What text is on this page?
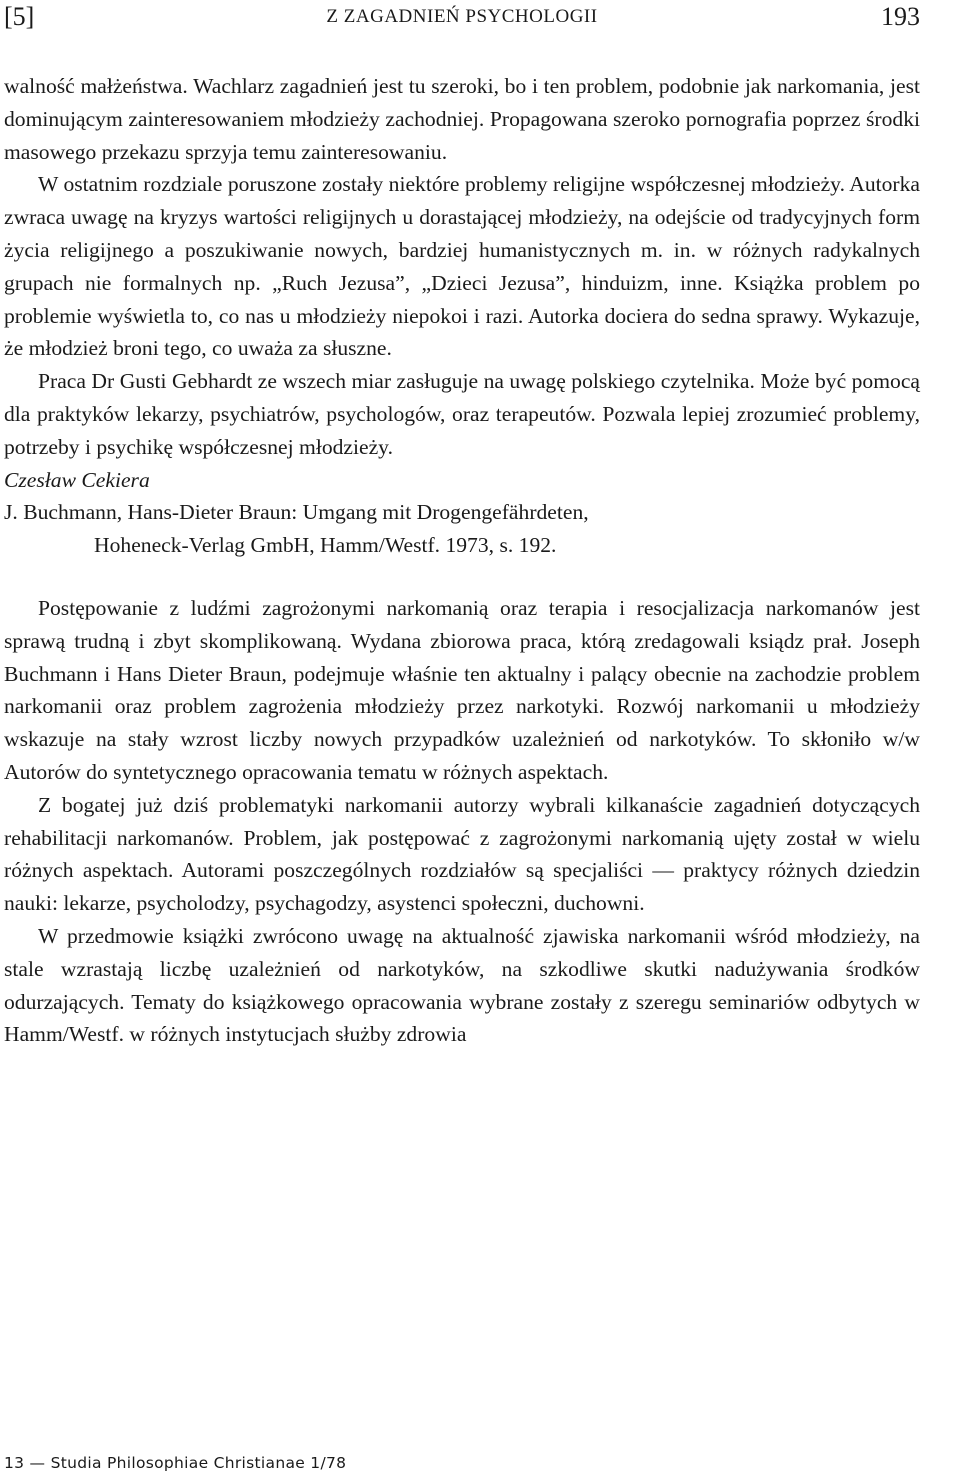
[5]	Z ZAGADNIEŃ PSYCHOLOGII	193

walność małżeństwa. Wachlarz zagadnień jest tu szeroki, bo i ten problem, podobnie jak narkomania, jest dominującym zainteresowaniem młodzieży zachodniej. Propagowana szeroko pornografia poprzez środki masowego przekazu sprzyja temu zainteresowaniu.

W ostatnim rozdziale poruszone zostały niektóre problemy religijne współczesnej młodzieży. Autorka zwraca uwagę na kryzys wartości religijnych u dorastającej młodzieży, na odejście od tradycyjnych form życia religijnego a poszukiwanie nowych, bardziej humanistycznych m. in. w różnych radykalnych grupach nie formalnych np. „Ruch Jezusa”, „Dzieci Jezusa”, hinduizm, inne. Książka problem po problemie wyświetla to, co nas u młodzieży niepokoi i razi. Autorka dociera do sedna sprawy. Wykazuje, że młodzież broni tego, co uważa za słuszne.

Praca Dr Gusti Gebhardt ze wszech miar zasługuje na uwagę polskiego czytelnika. Może być pomocą dla praktyków lekarzy, psychiatrów, psychologów, oraz terapeutów. Pozwala lepiej zrozumieć problemy, potrzeby i psychikę współczesnej młodzieży.

Czesław Cekiera

J. Buchmann, Hans-Dieter Braun: Umgang mit Drogengefährdeten,

Hoheneck-Verlag GmbH, Hamm/Westf. 1973, s. 192.

Postępowanie z ludźmi zagrożonymi narkomanią oraz terapia i resocjalizacja narkomanów jest sprawą trudną i zbyt skomplikowaną. Wydana zbiorowa praca, którą zredagowali ksiądz prał. Joseph Buchmann i Hans Dieter Braun, podejmuje właśnie ten aktualny i palący obecnie na zachodzie problem narkomanii oraz problem zagrożenia młodzieży przez narkotyki. Rozwój narkomanii u młodzieży wskazuje na stały wzrost liczby nowych przypadków uzależnień od narkotyków. To skłoniło w/w Autorów do syntetycznego opracowania tematu w różnych aspektach.

Z bogatej już dziś problematyki narkomanii autorzy wybrali kilkanaście zagadnień dotyczących rehabilitacji narkomanów. Problem, jak postępować z zagrożonymi narkomanią ujęty został w wielu różnych aspektach. Autorami poszczególnych rozdziałów są specjaliści — praktycy różnych dziedzin nauki: lekarze, psycholodzy, psychagodzy, asystenci społeczni, duchowni.

W przedmowie książki zwrócono uwagę na aktualność zjawiska narkomanii wśród młodzieży, na stale wzrastają liczbę uzależnień od narkotyków, na szkodliwe skutki nadużywania środków odurzających. Tematy do książkowego opracowania wybrane zostały z szeregu seminariów odbytych w Hamm/Westf. w różnych instytucjach służby zdrowia

13 — Studia Philosophiae Christianae 1/78
